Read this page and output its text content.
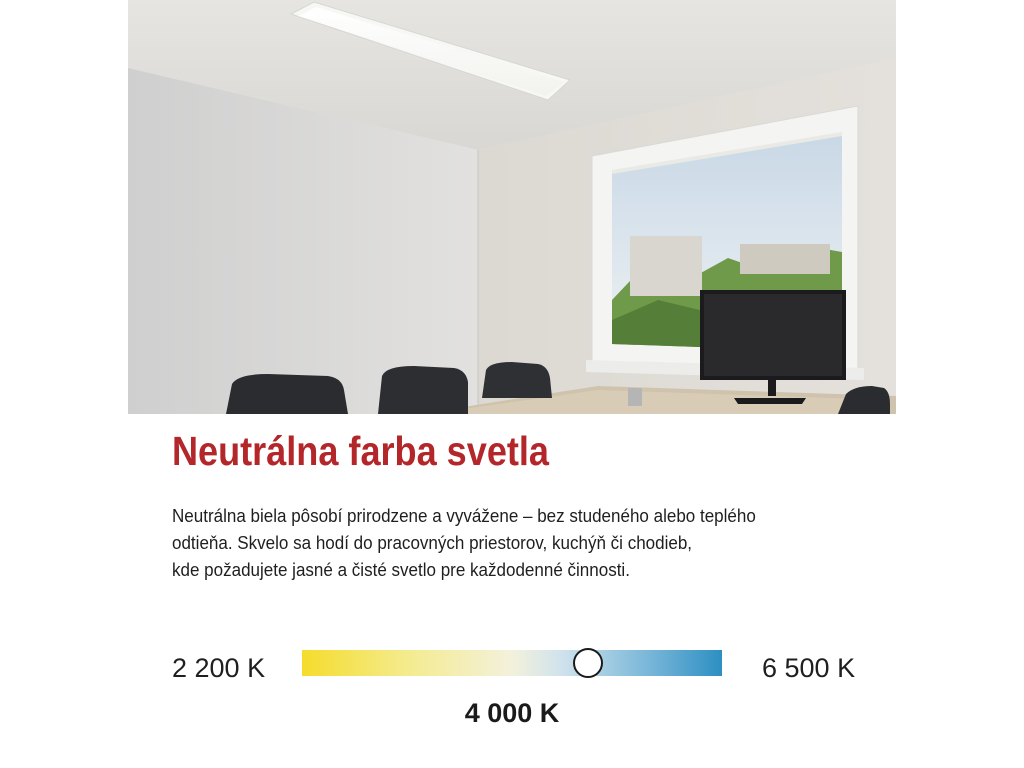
Neutrálna farba svetla

Neutrálna biela pôsobí prirodzene a vyvážene – bez studeného alebo teplého
odtieňa. Skvelo sa hodí do pracovných priestorov, kuchýň či chodieb,
kde požadujete jasné a čisté svetlo pre každodenné činnosti.

2 200 K	6 500 K
4 000 K
